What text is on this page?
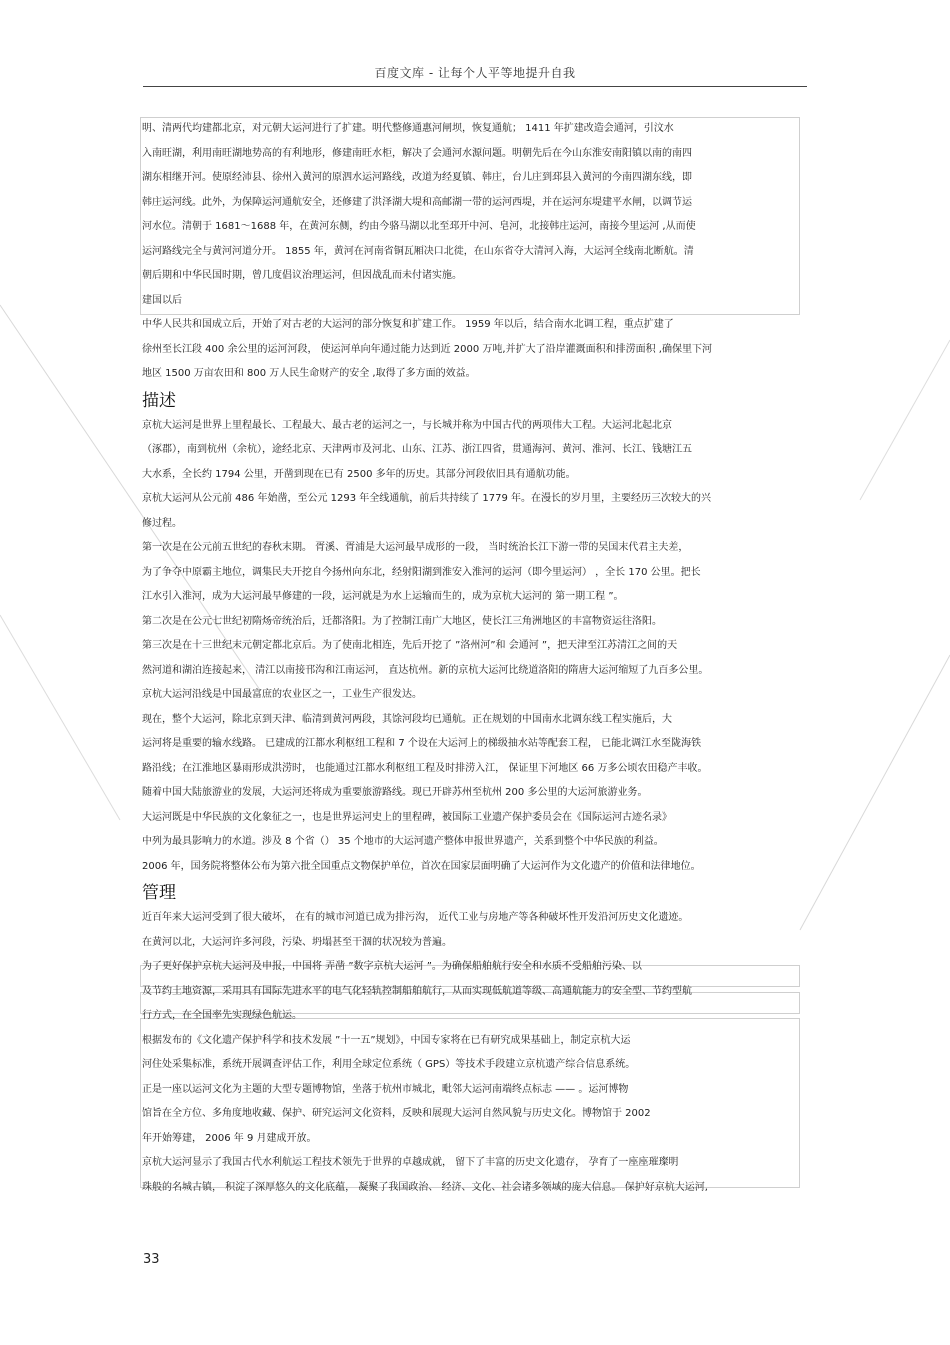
百度文库 - 让每个人平等地提升自我
明、清两代均建都北京，对元朝大运河进行了扩建。明代整修通惠河闸坝，恢复通航； 1411 年扩建改造会通河，引汶水
入南旺湖，利用南旺湖地势高的有利地形，修建南旺水柜，解决了会通河水源问题。明朝先后在今山东淮安南阳镇以南的南四
湖东相继开河。使原经沛县、徐州入黄河的原泗水运河路线，改道为经夏镇、韩庄，台儿庄到邳县入黄河的今南四湖东线，即
韩庄运河线。此外，为保障运河通航安全，还修建了洪泽湖大堤和高邮湖一带的运河西堤，并在运河东堤建平水闸，以调节运
河水位。清朝于 1681～1688 年，在黄河东侧，约由今骆马湖以北至邳开中河、皂河，北接韩庄运河，南接今里运河 ,从而使
运河路线完全与黄河河道分开。 1855 年，黄河在河南省铜瓦厢决口北徙，在山东省夺大清河入海，大运河全线南北断航。清
朝后期和中华民国时期，曾几度倡议治理运河，但因战乱而未付诸实施。
建国以后
中华人民共和国成立后，开始了对古老的大运河的部分恢复和扩建工作。 1959 年以后，结合南水北调工程，重点扩建了
徐州至长江段 400 余公里的运河河段， 使运河单向年通过能力达到近 2000 万吨,并扩大了沿岸灌溉面积和排涝面积 ,确保里下河
地区 1500 万亩农田和 800 万人民生命财产的安全 ,取得了多方面的效益。
描述
京杭大运河是世界上里程最长、工程最大、最古老的运河之一，与长城并称为中国古代的两项伟大工程。大运河北起北京
（涿郡），南到杭州（余杭），途经北京、天津两市及河北、山东、江苏、浙江四省，贯通海河、黄河、淮河、长江、钱塘江五
大水系，全长约 1794 公里，开凿到现在已有 2500 多年的历史。其部分河段依旧具有通航功能。
京杭大运河从公元前 486 年始凿，至公元 1293 年全线通航，前后共持续了 1779 年。在漫长的岁月里，主要经历三次较大的兴
修过程。
第一次是在公元前五世纪的春秋末期。 胥溪、胥浦是大运河最早成形的一段， 当时统治长江下游一带的吴国末代君主夫差，
为了争夺中原霸主地位，调集民夫开挖自今扬州向东北，经射阳湖到淮安入淮河的运河（即今里运河） ，全长 170 公里。把长
江水引入淮河，成为大运河最早修建的一段，运河就是为水上运输而生的，成为京杭大运河的 第一期工程 ”。
第二次是在公元七世纪初隋炀帝统治后，迁都洛阳。为了控制江南广大地区，使长江三角洲地区的丰富物资运往洛阳。
第三次是在十三世纪末元朝定都北京后。为了使南北相连，先后开挖了 ”洛州河”和 会通河 ”，把天津至江苏清江之间的天
然河道和湖泊连接起来， 清江以南接邗沟和江南运河， 直达杭州。新的京杭大运河比绕道洛阳的隋唐大运河缩短了九百多公里。
京杭大运河沿线是中国最富庶的农业区之一，工业生产很发达。
现在，整个大运河，除北京到天津、临清到黄河两段，其馀河段均已通航。正在规划的中国南水北调东线工程实施后，大
运河将是重要的输水线路。 已建成的江都水利枢纽工程和 7 个设在大运河上的梯级抽水站等配套工程， 已能北调江水至陇海铁
路沿线；在江淮地区暴雨形成洪涝时， 也能通过江都水利枢纽工程及时排涝入江， 保证里下河地区 66 万多公顷农田稳产丰收。
随着中国大陆旅游业的发展，大运河还将成为重要旅游路线。现已开辟苏州至杭州 200 多公里的大运河旅游业务。
大运河既是中华民族的文化象征之一，也是世界运河史上的里程碑，被国际工业遗产保护委员会在《国际运河古迹名录》
中列为最具影响力的水道。涉及 8 个省（） 35 个地市的大运河遗产整体申报世界遗产，关系到整个中华民族的利益。
2006 年，国务院将整体公布为第六批全国重点文物保护单位，首次在国家层面明确了大运河作为文化遗产的价值和法律地位。
管理
近百年来大运河受到了很大破坏， 在有的城市河道已成为排污沟， 近代工业与房地产等各种破坏性开发沿河历史文化遗迹。
在黄河以北，大运河许多河段，污染、坍塌甚至干涸的状况较为普遍。
为了更好保护京杭大运河及申报，中国将 弄凿 ”数字京杭大运河 ”。为确保船舶航行安全和水质不受船舶污染、以
及节约土地资源，采用具有国际先进水平的电气化轻轨控制船舶航行，从而实现低航道等级、高通航能力的安全型、节约型航
行方式，在全国率先实现绿色航运。
根据发布的《文化遗产保护科学和技术发展 ”十一五”规划》，中国专家将在已有研究成果基础上，制定京杭大运
河住处采集标准，系统开展调查评估工作，利用全球定位系统（ GPS）等技术手段建立京杭遗产综合信息系统。
正是一座以运河文化为主题的大型专题博物馆，坐落于杭州市城北，毗邻大运河南端终点标志 —— 。运河博物
馆旨在全方位、多角度地收藏、保护、研究运河文化资料，反映和展现大运河自然风貌与历史文化。博物馆于 2002
年开始筹建， 2006 年 9 月建成开放。
京杭大运河显示了我国古代水利航运工程技术领先于世界的卓越成就， 留下了丰富的历史文化遗存， 孕育了一座座璀璨明
珠般的名城古镇， 积淀了深厚悠久的文化底蕴， 凝聚了我国政治、 经济、文化、社会诸多领域的庞大信息。 保护好京杭大运河,
33
